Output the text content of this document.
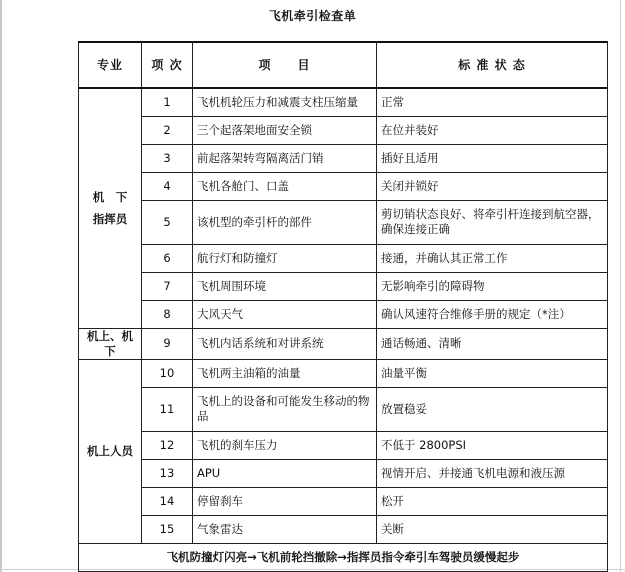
飞机牵引检查单
专业	项 次	项　　目	标 准 状 态

机　下
指挥员	1	飞机机轮压力和减震支柱压缩量	正常
	2	三个起落架地面安全锁	在位并装好
	3	前起落架转弯隔离活门销	插好且适用
	4	飞机各舱门、口盖	关闭并锁好
	5	该机型的牵引杆的部件	剪切销状态良好、将牵引杆连接到航空器，确保连接正确
	6	航行灯和防撞灯	接通，并确认其正常工作
	7	飞机周围环境	无影响牵引的障碍物
	8	大风天气	确认风速符合维修手册的规定（*注）
机上、机下	9	飞机内话系统和对讲系统	通话畅通、清晰
机上人员	10	飞机两主油箱的油量	油量平衡
	11	飞机上的设备和可能发生移动的物品	放置稳妥
	12	飞机的刹车压力	不低于 2800PSI
	13	APU	视情开启、并接通飞机电源和液压源
	14	停留刹车	松开
	15	气象雷达	关断
飞机防撞灯闪亮→飞机前轮挡撤除→指挥员指令牵引车驾驶员缓慢起步			
